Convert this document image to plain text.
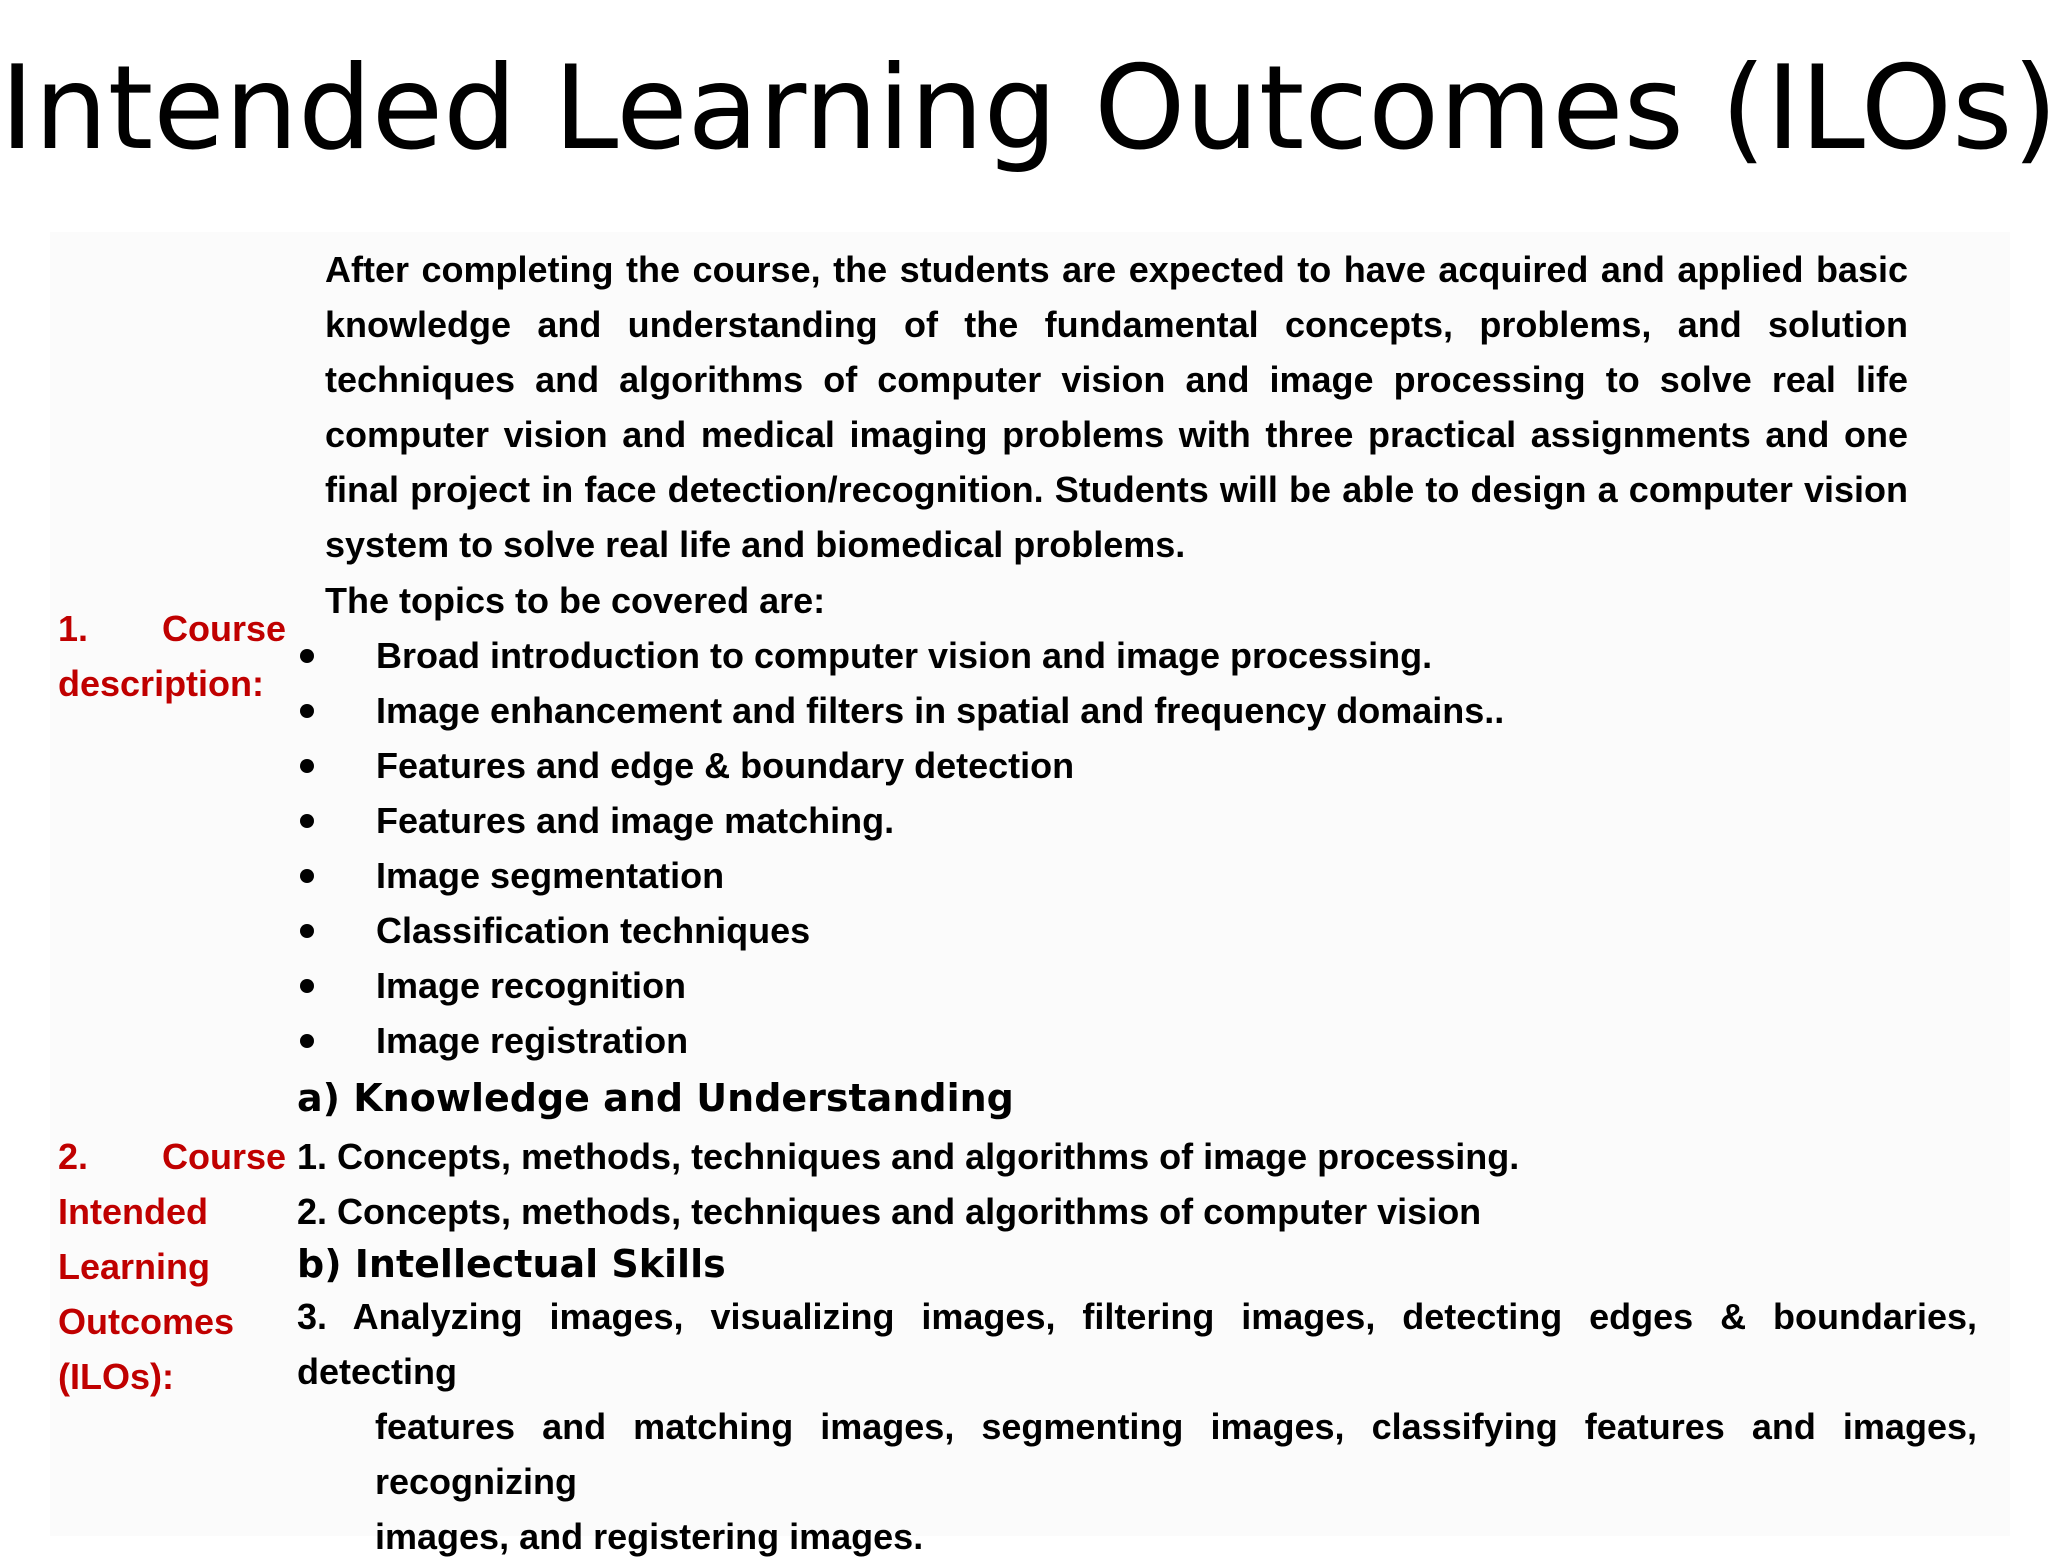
Intended Learning Outcomes (ILOs)
1. Course
description:
After completing the course, the students are expected to have acquired and applied basic knowledge and understanding of the fundamental concepts, problems, and solution techniques and algorithms of computer vision and image processing to solve real life computer vision and medical imaging problems with three practical assignments and one final project in face detection/recognition. Students will be able to design a computer vision system to solve real life and biomedical problems.
The topics to be covered are:
Broad introduction to computer vision and image processing.
Image enhancement and filters in spatial and frequency domains..
Features and edge & boundary detection
Features and image matching.
Image segmentation
Classification techniques
Image recognition
Image registration
2. Course
Intended
Learning
Outcomes
(ILOs):
a) Knowledge and Understanding
1. Concepts, methods, techniques and algorithms of image processing.
2. Concepts, methods, techniques and algorithms of computer vision
b) Intellectual Skills
3. Analyzing images, visualizing images, filtering images, detecting edges & boundaries, detecting
features and matching images, segmenting images, classifying features and images, recognizing
images, and registering images.
